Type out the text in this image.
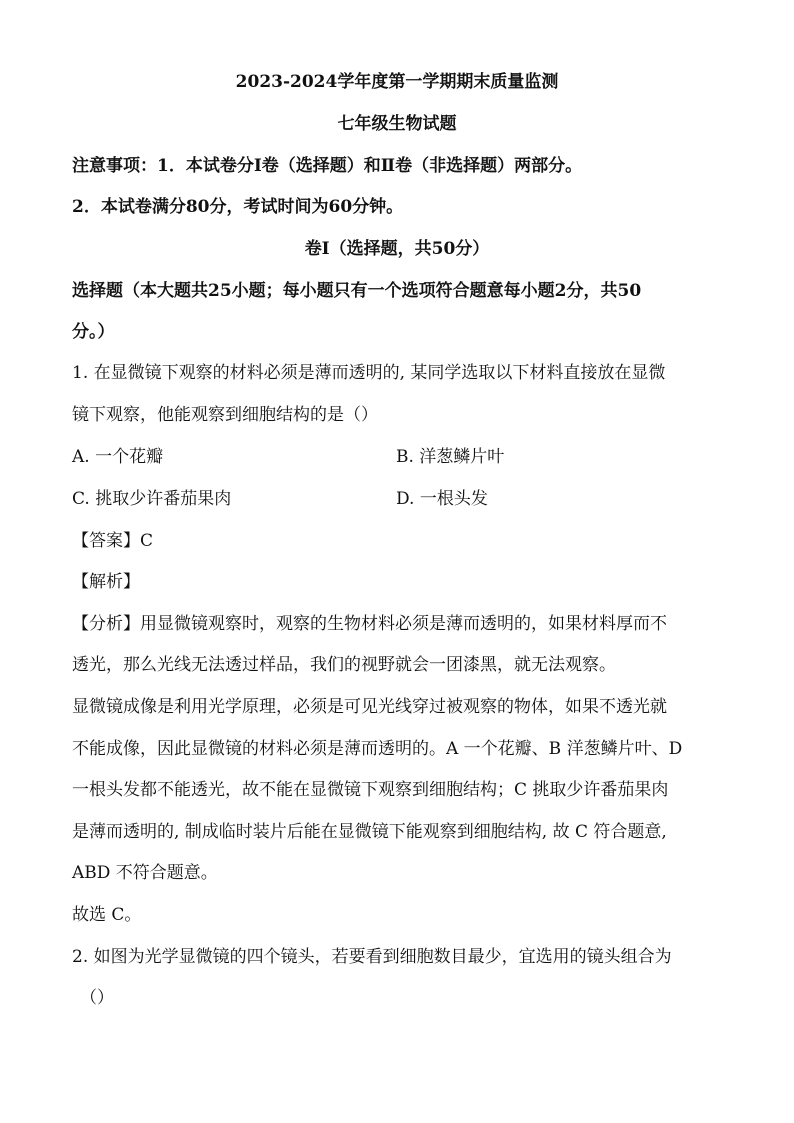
2023-2024学年度第一学期期末质量监测
七年级生物试题
注意事项：1．本试卷分Ⅰ卷（选择题）和Ⅱ卷（非选择题）两部分。
2．本试卷满分80分，考试时间为60分钟。
卷Ⅰ（选择题，共50分）
选择题（本大题共25小题；每小题只有一个选项符合题意每小题2分，共50
分。）
1. 在显微镜下观察的材料必须是薄而透明的, 某同学选取以下材料直接放在显微
镜下观察，他能观察到细胞结构的是（）
A. 一个花瓣	B. 洋葱鳞片叶
C. 挑取少许番茄果肉	D. 一根头发
【答案】C
【解析】
【分析】用显微镜观察时，观察的生物材料必须是薄而透明的，如果材料厚而不
透光，那么光线无法透过样品，我们的视野就会一团漆黑，就无法观察。
显微镜成像是利用光学原理，必须是可见光线穿过被观察的物体，如果不透光就
不能成像，因此显微镜的材料必须是薄而透明的。A 一个花瓣、B 洋葱鳞片叶、D
一根头发都不能透光，故不能在显微镜下观察到细胞结构；C 挑取少许番茄果肉
是薄而透明的, 制成临时装片后能在显微镜下能观察到细胞结构, 故 C 符合题意,
ABD 不符合题意。
故选 C。
2. 如图为光学显微镜的四个镜头，若要看到细胞数目最少，宜选用的镜头组合为
（）
